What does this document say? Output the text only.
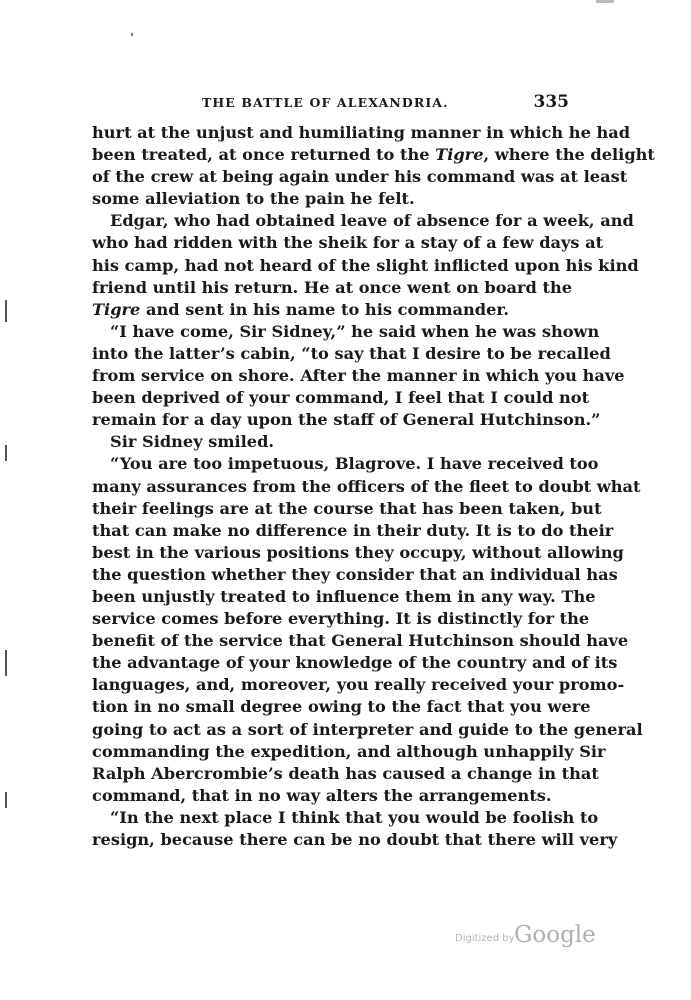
THE BATTLE OF ALEXANDRIA.	335
hurt at the unjust and humiliating manner in which he had
been treated, at once returned to the Tigre, where the delight
of the crew at being again under his command was at least
some alleviation to the pain he felt.
Edgar, who had obtained leave of absence for a week, and
who had ridden with the sheik for a stay of a few days at
his camp, had not heard of the slight inflicted upon his kind
friend until his return. He at once went on board the
Tigre and sent in his name to his commander.
“I have come, Sir Sidney,” he said when he was shown
into the latter’s cabin, “to say that I desire to be recalled
from service on shore. After the manner in which you have
been deprived of your command, I feel that I could not
remain for a day upon the staff of General Hutchinson.”
Sir Sidney smiled.
“You are too impetuous, Blagrove. I have received too
many assurances from the officers of the fleet to doubt what
their feelings are at the course that has been taken, but
that can make no difference in their duty. It is to do their
best in the various positions they occupy, without allowing
the question whether they consider that an individual has
been unjustly treated to influence them in any way. The
service comes before everything. It is distinctly for the
benefit of the service that General Hutchinson should have
the advantage of your knowledge of the country and of its
languages, and, moreover, you really received your promo-
tion in no small degree owing to the fact that you were
going to act as a sort of interpreter and guide to the general
commanding the expedition, and although unhappily Sir
Ralph Abercrombie’s death has caused a change in that
command, that in no way alters the arrangements.
“In the next place I think that you would be foolish to
resign, because there can be no doubt that there will very
Digitized by Google
